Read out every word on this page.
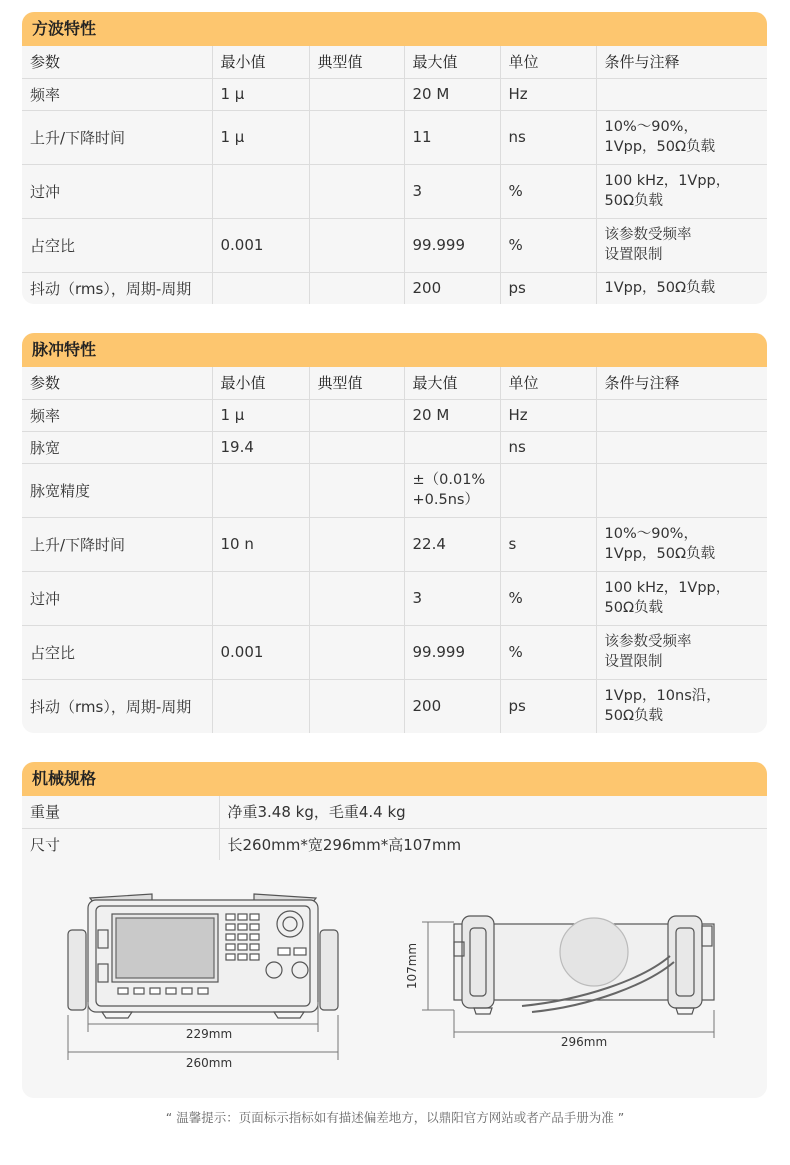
方波特性
参数	最小值	典型值	最大值	单位	条件与注释
频率	1 μ		20 M	Hz	
上升/下降时间	1 μ		11	ns	10%～90%，
1Vpp，50Ω负载
过冲			3	%	100 kHz，1Vpp，
50Ω负载
占空比	0.001		99.999	%	该参数受频率
设置限制
抖动（rms），周期-周期			200	ps	1Vpp，50Ω负载
脉冲特性
参数	最小值	典型值	最大值	单位	条件与注释
频率	1 μ		20 M	Hz	
脉宽	19.4			ns	
脉宽精度			±（0.01%
+0.5ns）		
上升/下降时间	10 n		22.4	s	10%～90%，
1Vpp，50Ω负载
过冲			3	%	100 kHz，1Vpp，
50Ω负载
占空比	0.001		99.999	%	该参数受频率
设置限制
抖动（rms），周期-周期			200	ps	1Vpp，10ns沿，
50Ω负载
机械规格
重量	净重3.48 kg，毛重4.4 kg
尺寸	长260mm*宽296mm*高107mm
229mm
260mm
107mm
296mm
“ 温馨提示：页面标示指标如有描述偏差地方，以鼎阳官方网站或者产品手册为准 ”
